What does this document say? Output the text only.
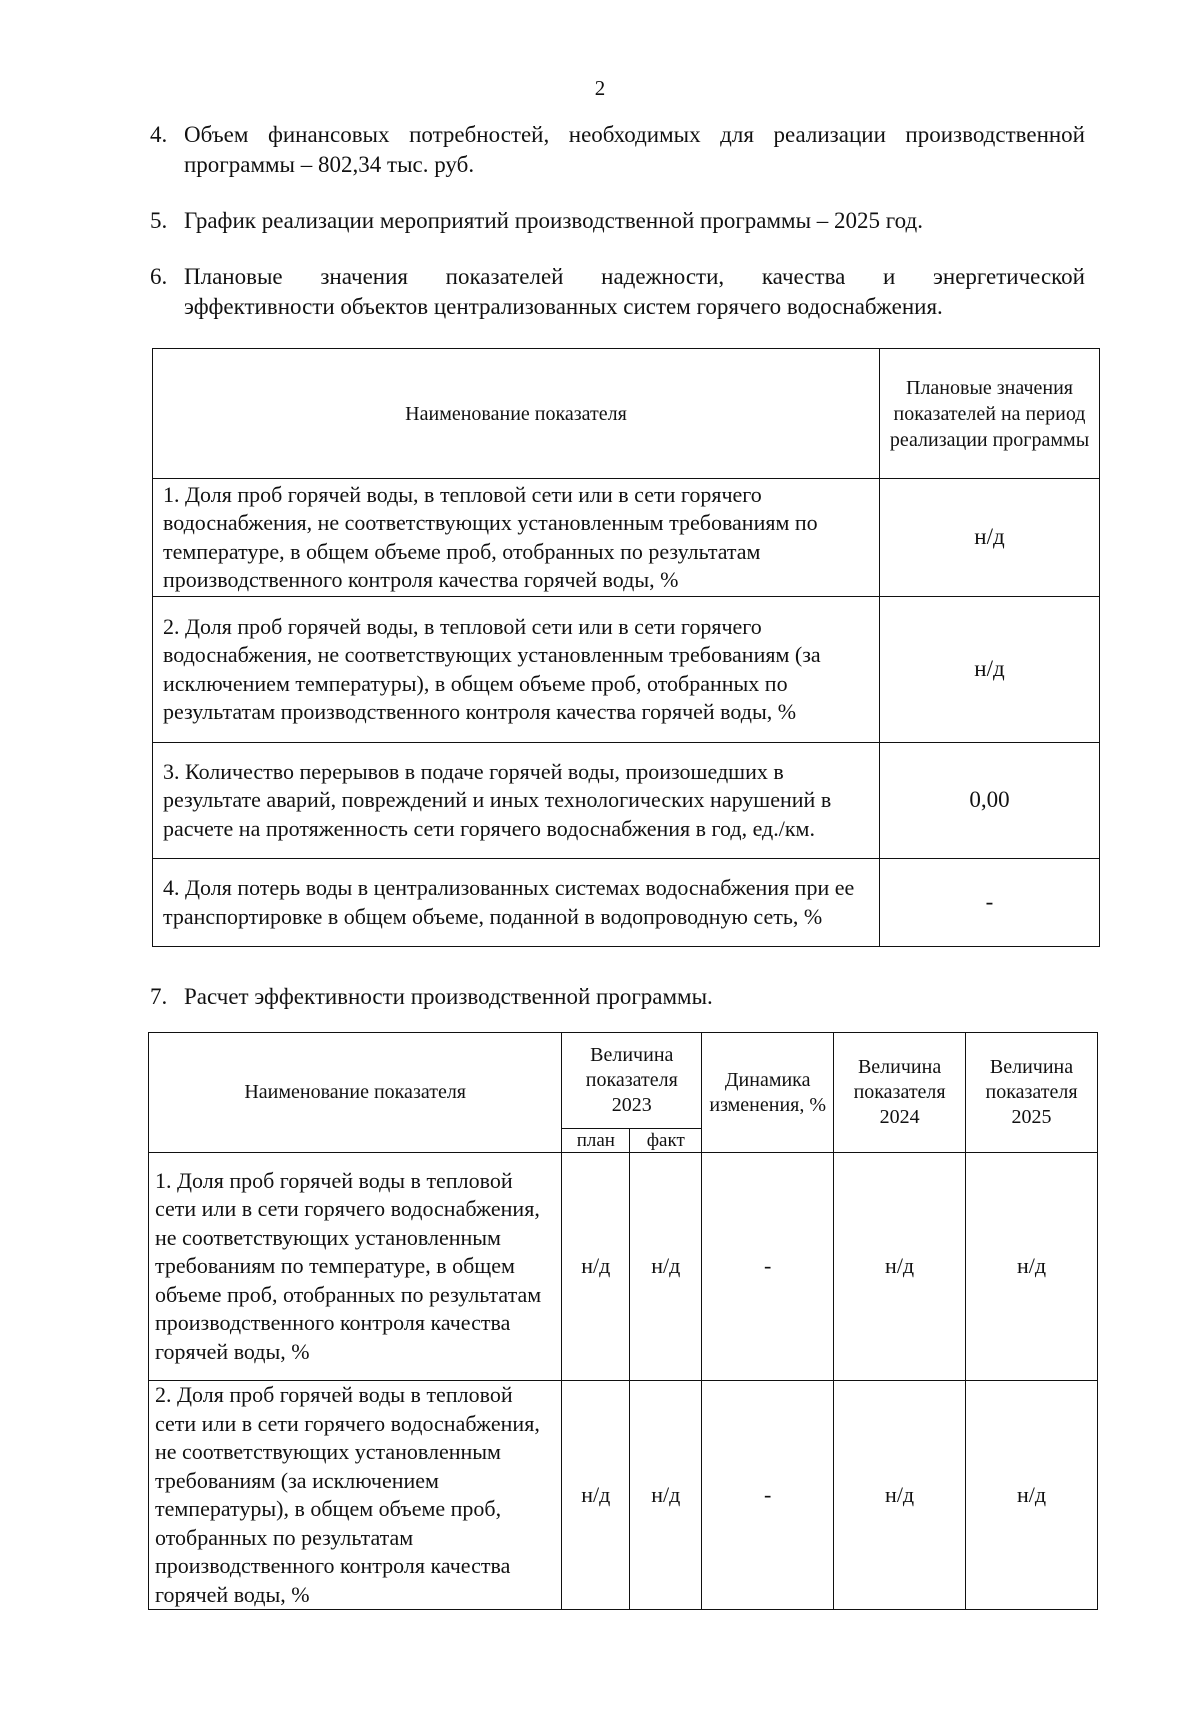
2
4. Объем финансовых потребностей, необходимых для реализации производственной программы – 802,34 тыс. руб.
5. График реализации мероприятий производственной программы – 2025 год.
6. Плановые значения показателей надежности, качества и энергетической
эффективности объектов централизованных систем горячего водоснабжения.
Наименование показателя	Плановые значения показателей на период реализации программы
1. Доля проб горячей воды, в тепловой сети или в сети горячего водоснабжения, не соответствующих установленным требованиям по температуре, в общем объеме проб, отобранных по результатам производственного контроля качества горячей воды, %	н/д
2. Доля проб горячей воды, в тепловой сети или в сети горячего водоснабжения, не соответствующих установленным требованиям (за исключением температуры), в общем объеме проб, отобранных по результатам производственного контроля качества горячей воды, %	н/д
3. Количество перерывов в подаче горячей воды, произошедших в результате аварий, повреждений и иных технологических нарушений в расчете на протяженность сети горячего водоснабжения в год, ед./км.	0,00
4. Доля потерь воды в централизованных системах водоснабжения при ее транспортировке в общем объеме, поданной в водопроводную сеть, %	-
7. Расчет эффективности производственной программы.
Наименование показателя	Величина показателя 2023		Динамика изменения, %	Величина показателя 2024	Величина показателя 2025
	план	факт			
1. Доля проб горячей воды в тепловой сети или в сети горячего водоснабжения, не соответствующих установленным требованиям по температуре, в общем объеме проб, отобранных по результатам производственного контроля качества горячей воды, %	н/д	н/д	-	н/д	н/д
2. Доля проб горячей воды в тепловой сети или в сети горячего водоснабжения, не соответствующих установленным требованиям (за исключением температуры), в общем объеме проб, отобранных по результатам производственного контроля качества горячей воды, %	н/д	н/д	-	н/д	н/д
